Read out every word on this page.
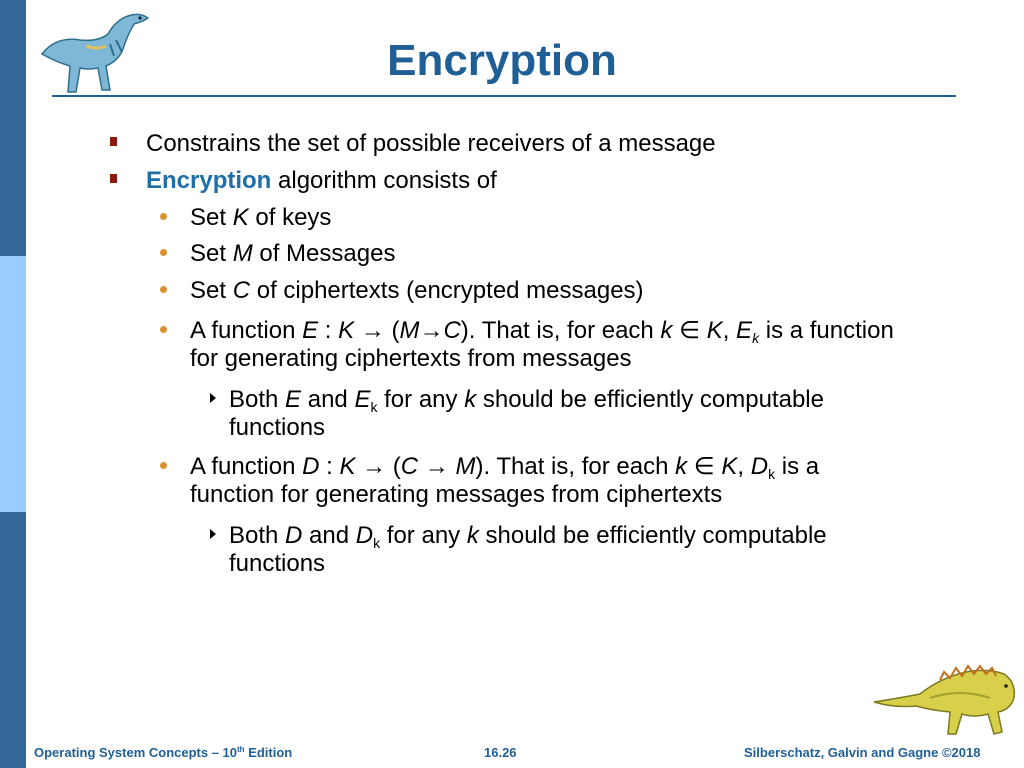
Encryption
Constrains the set of possible receivers of a message
Encryption algorithm consists of
Set K of keys
Set M of Messages
Set C of ciphertexts (encrypted messages)
A function E : K → (M→C). That is, for each k ∈ K, $E_k$ is a function
for generating ciphertexts from messages
Both E and $E_k$ for any k should be efficiently computable
functions
A function D : K → (C → M). That is, for each k ∈ K, $D_k$ is a
function for generating messages from ciphertexts
Both D and $D_k$ for any k should be efficiently computable
functions
Operating System Concepts – 10th Edition	16.26	Silberschatz, Galvin and Gagne ©2018
